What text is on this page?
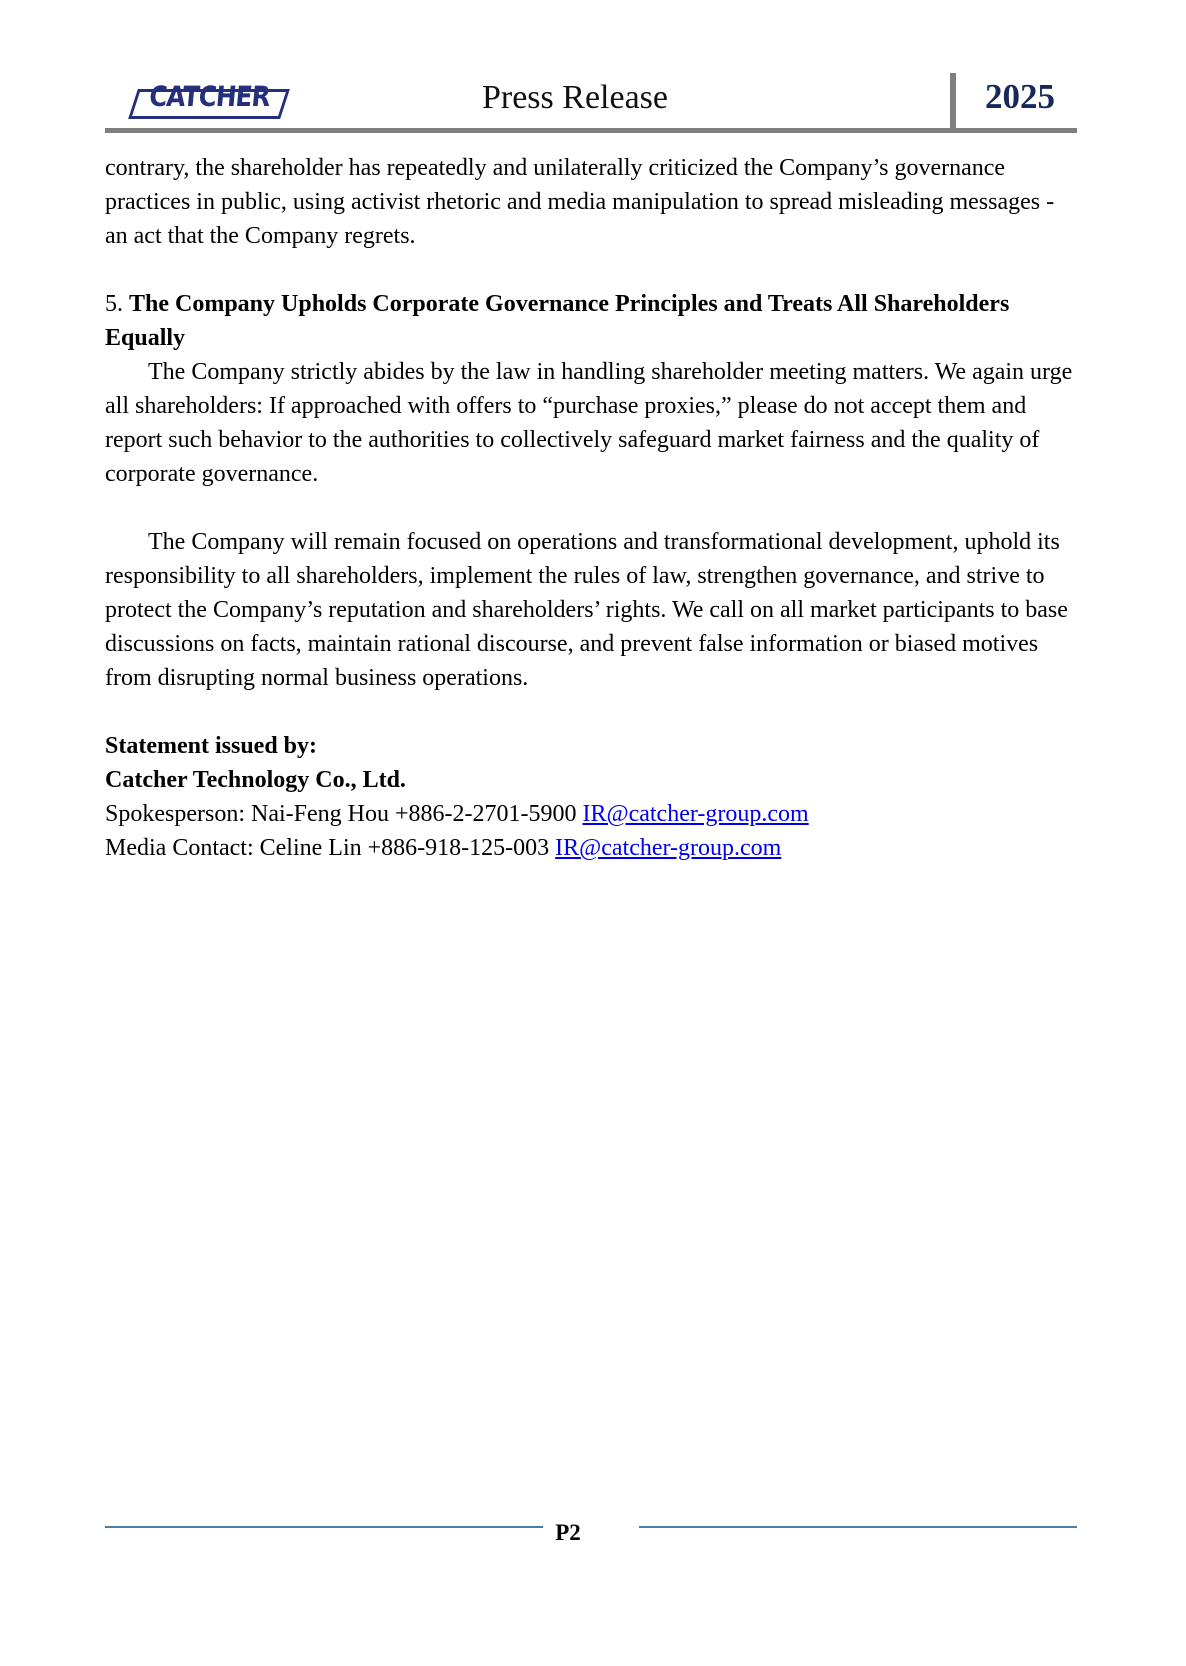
CATCHER	Press Release	2025

contrary, the shareholder has repeatedly and unilaterally criticized the Company’s governance practices in public, using activist rhetoric and media manipulation to spread misleading messages - an act that the Company regrets.

5. The Company Upholds Corporate Governance Principles and Treats All Shareholders Equally

The Company strictly abides by the law in handling shareholder meeting matters. We again urge all shareholders: If approached with offers to “purchase proxies,” please do not accept them and report such behavior to the authorities to collectively safeguard market fairness and the quality of corporate governance.

The Company will remain focused on operations and transformational development, uphold its responsibility to all shareholders, implement the rules of law, strengthen governance, and strive to protect the Company’s reputation and shareholders’ rights. We call on all market participants to base discussions on facts, maintain rational discourse, and prevent false information or biased motives from disrupting normal business operations.

Statement issued by:
Catcher Technology Co., Ltd.
Spokesperson: Nai-Feng Hou +886-2-2701-5900 IR@catcher-group.com
Media Contact: Celine Lin +886-918-125-003 IR@catcher-group.com
P2
